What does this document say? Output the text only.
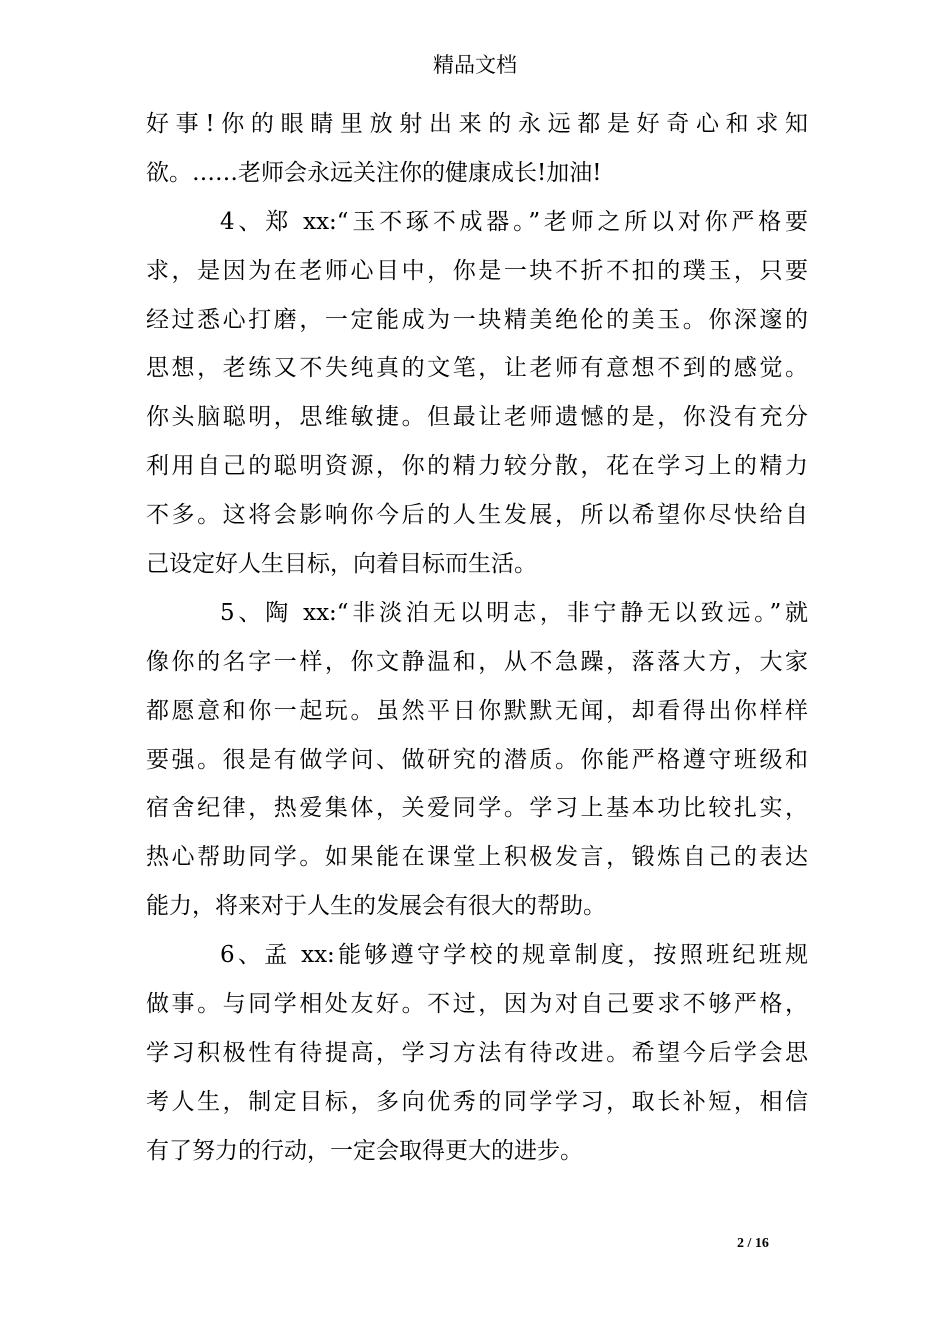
精品文档
好事!你的眼睛里放射出来的永远都是好奇心和求知
欲。……老师会永远关注你的健康成长!加油!
4、郑 xx:“玉不琢不成器。”老师之所以对你严格要
求，是因为在老师心目中，你是一块不折不扣的璞玉，只要
经过悉心打磨，一定能成为一块精美绝伦的美玉。你深邃的
思想，老练又不失纯真的文笔，让老师有意想不到的感觉。
你头脑聪明，思维敏捷。但最让老师遗憾的是，你没有充分
利用自己的聪明资源，你的精力较分散，花在学习上的精力
不多。这将会影响你今后的人生发展，所以希望你尽快给自
己设定好人生目标，向着目标而生活。
5、陶 xx:“非淡泊无以明志，非宁静无以致远。”就
像你的名字一样，你文静温和，从不急躁，落落大方，大家
都愿意和你一起玩。虽然平日你默默无闻，却看得出你样样
要强。很是有做学问、做研究的潜质。你能严格遵守班级和
宿舍纪律，热爱集体，关爱同学。学习上基本功比较扎实，
热心帮助同学。如果能在课堂上积极发言，锻炼自己的表达
能力，将来对于人生的发展会有很大的帮助。
6、孟 xx:能够遵守学校的规章制度，按照班纪班规
做事。与同学相处友好。不过，因为对自己要求不够严格，
学习积极性有待提高，学习方法有待改进。希望今后学会思
考人生，制定目标，多向优秀的同学学习，取长补短，相信
有了努力的行动，一定会取得更大的进步。
2 / 16
